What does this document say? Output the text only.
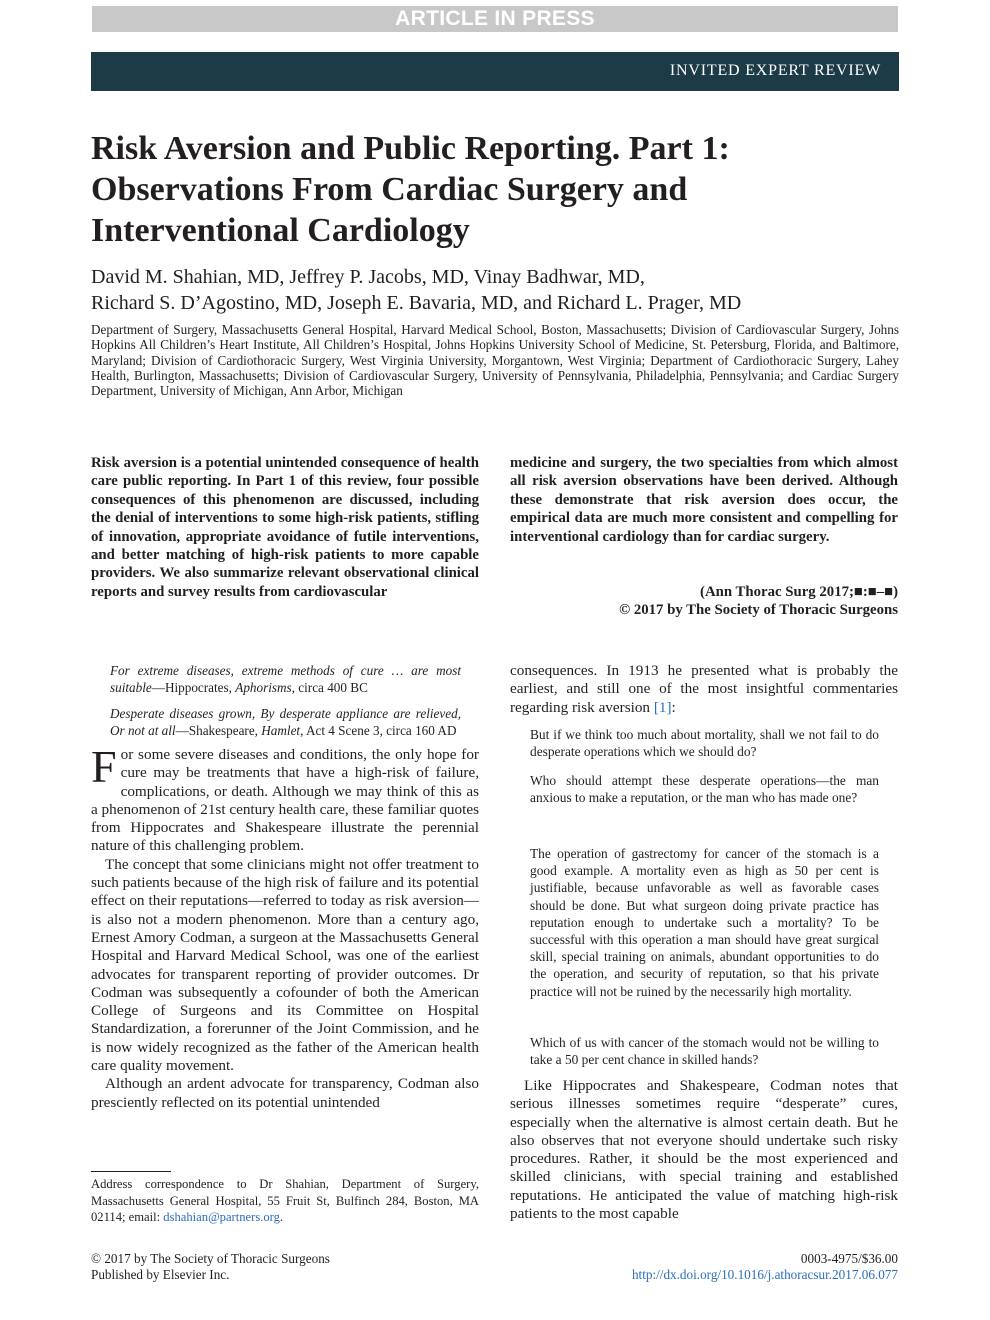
ARTICLE IN PRESS
INVITED EXPERT REVIEW
Risk Aversion and Public Reporting. Part 1: Observations From Cardiac Surgery and Interventional Cardiology
David M. Shahian, MD, Jeffrey P. Jacobs, MD, Vinay Badhwar, MD,
Richard S. D’Agostino, MD, Joseph E. Bavaria, MD, and Richard L. Prager, MD
Department of Surgery, Massachusetts General Hospital, Harvard Medical School, Boston, Massachusetts; Division of Cardiovascular Surgery, Johns Hopkins All Children’s Heart Institute, All Children’s Hospital, Johns Hopkins University School of Medicine, St. Petersburg, Florida, and Baltimore, Maryland; Division of Cardiothoracic Surgery, West Virginia University, Morgantown, West Virginia; Department of Cardiothoracic Surgery, Lahey Health, Burlington, Massachusetts; Division of Cardiovascular Surgery, University of Pennsylvania, Philadelphia, Pennsylvania; and Cardiac Surgery Department, University of Michigan, Ann Arbor, Michigan
Risk aversion is a potential unintended consequence of health care public reporting. In Part 1 of this review, four possible consequences of this phenomenon are discussed, including the denial of interventions to some high-risk patients, stifling of innovation, appropriate avoidance of futile interventions, and better matching of high-risk patients to more capable providers. We also summarize relevant observational clinical reports and survey results from cardiovascular
medicine and surgery, the two specialties from which almost all risk aversion observations have been derived. Although these demonstrate that risk aversion does occur, the empirical data are much more consistent and compelling for interventional cardiology than for cardiac surgery.
(Ann Thorac Surg 2017;■:■–■)
© 2017 by The Society of Thoracic Surgeons
For extreme diseases, extreme methods of cure … are most suitable—Hippocrates, Aphorisms, circa 400 BC
Desperate diseases grown, By desperate appliance are relieved, Or not at all—Shakespeare, Hamlet, Act 4 Scene 3, circa 160 AD

For some severe diseases and conditions, the only hope for cure may be treatments that have a high-risk of failure, complications, or death. Although we may think of this as a phenomenon of 21st century health care, these familiar quotes from Hippocrates and Shakespeare illustrate the perennial nature of this challenging problem.

The concept that some clinicians might not offer treatment to such patients because of the high risk of failure and its potential effect on their reputations—referred to today as risk aversion—is also not a modern phenomenon. More than a century ago, Ernest Amory Codman, a surgeon at the Massachusetts General Hospital and Harvard Medical School, was one of the earliest advocates for transparent reporting of provider outcomes. Dr Codman was subsequently a cofounder of both the American College of Surgeons and its Committee on Hospital Standardization, a forerunner of the Joint Commission, and he is now widely recognized as the father of the American health care quality movement.

Although an ardent advocate for transparency, Codman also presciently reflected on its potential unintended

consequences. In 1913 he presented what is probably the earliest, and still one of the most insightful commentaries regarding risk aversion [1]:

But if we think too much about mortality, shall we not fail to do desperate operations which we should do?

Who should attempt these desperate operations—the man anxious to make a reputation, or the man who has made one?

The operation of gastrectomy for cancer of the stomach is a good example. A mortality even as high as 50 per cent is justifiable, because unfavorable as well as favorable cases should be done. But what surgeon doing private practice has reputation enough to undertake such a mortality? To be successful with this operation a man should have great surgical skill, special training on animals, abundant opportunities to do the operation, and security of reputation, so that his private practice will not be ruined by the necessarily high mortality.

Which of us with cancer of the stomach would not be willing to take a 50 per cent chance in skilled hands?

Like Hippocrates and Shakespeare, Codman notes that serious illnesses sometimes require “desperate” cures, especially when the alternative is almost certain death. But he also observes that not everyone should undertake such risky procedures. Rather, it should be the most experienced and skilled clinicians, with special training and established reputations. He anticipated the value of matching high-risk patients to the most capable

Address correspondence to Dr Shahian, Department of Surgery, Massachusetts General Hospital, 55 Fruit St, Bulfinch 284, Boston, MA 02114; email: dshahian@partners.org.
© 2017 by The Society of Thoracic Surgeons
Published by Elsevier Inc.
0003-4975/$36.00
http://dx.doi.org/10.1016/j.athoracsur.2017.06.077
